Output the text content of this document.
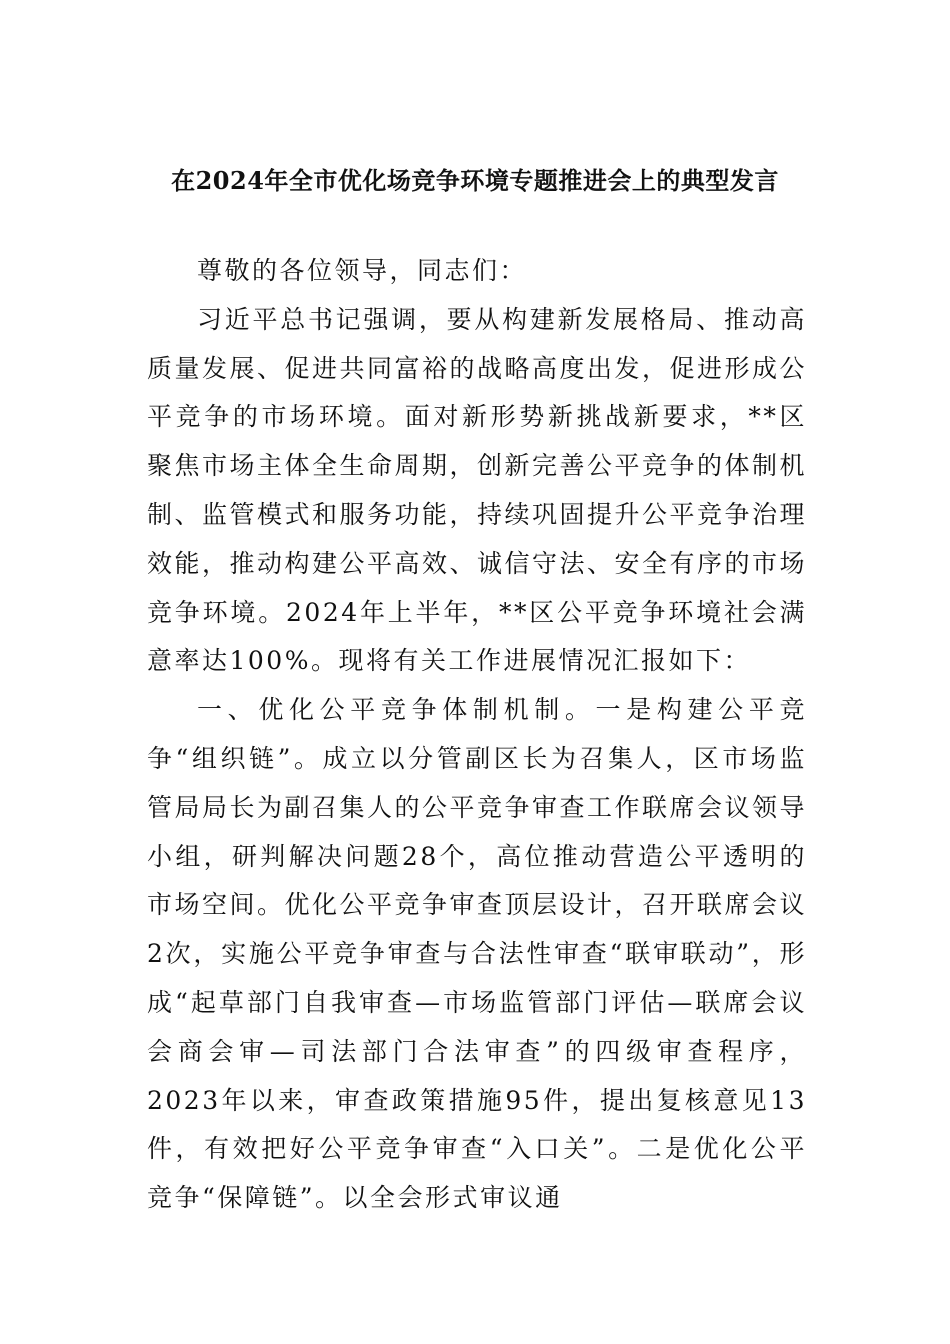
在2024年全市优化场竞争环境专题推进会上的典型发言

尊敬的各位领导，同志们：

习近平总书记强调，要从构建新发展格局、推动高质量发展、促进共同富裕的战略高度出发，促进形成公平竞争的市场环境。面对新形势新挑战新要求，**区聚焦市场主体全生命周期，创新完善公平竞争的体制机制、监管模式和服务功能，持续巩固提升公平竞争治理效能，推动构建公平高效、诚信守法、安全有序的市场竞争环境。2024年上半年，**区公平竞争环境社会满意率达100%。现将有关工作进展情况汇报如下：

一、优化公平竞争体制机制。一是构建公平竞争“组织链”。成立以分管副区长为召集人，区市场监管局局长为副召集人的公平竞争审查工作联席会议领导小组，研判解决问题28个，高位推动营造公平透明的市场空间。优化公平竞争审查顶层设计，召开联席会议2次，实施公平竞争审查与合法性审查“联审联动”，形成“起草部门自我审查—市场监管部门评估—联席会议会商会审—司法部门合法审查”的四级审查程序，2023年以来，审查政策措施95件，提出复核意见13件，有效把好公平竞争审查“入口关”。二是优化公平竞争“保障链”。以全会形式审议通
